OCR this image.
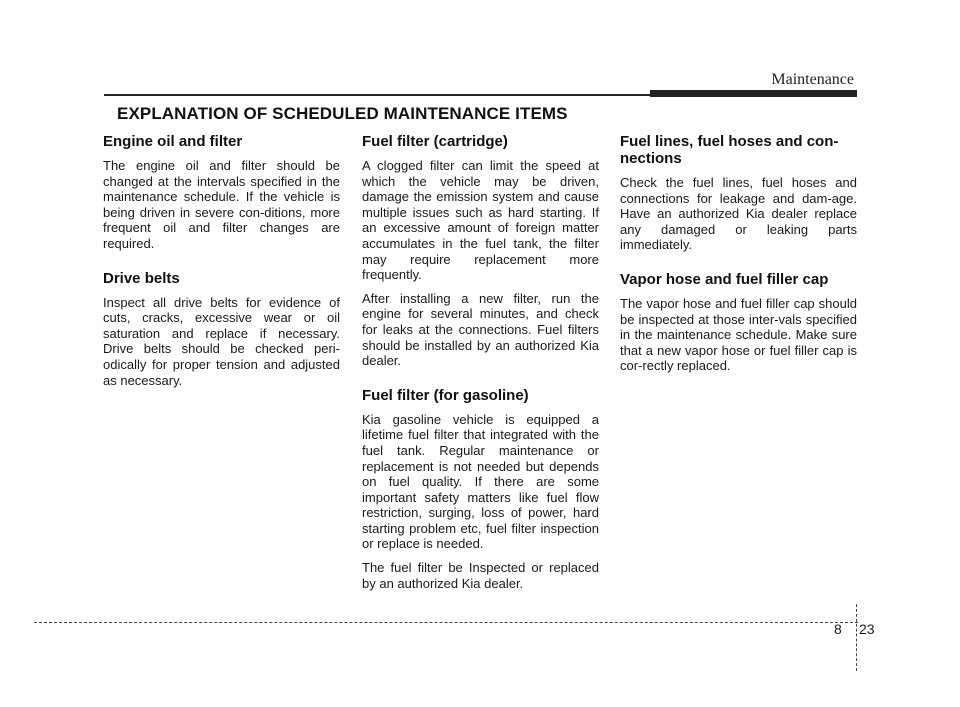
Maintenance
EXPLANATION OF SCHEDULED MAINTENANCE ITEMS
Engine oil and filter

The engine oil and filter should be changed at the intervals specified in the maintenance schedule. If the vehicle is being driven in severe con-ditions, more frequent oil and filter changes are required.

Drive belts

Inspect all drive belts for evidence of cuts, cracks, excessive wear or oil saturation and replace if necessary. Drive belts should be checked peri-odically for proper tension and adjusted as necessary.

Fuel filter (cartridge)

A clogged filter can limit the speed at which the vehicle may be driven, damage the emission system and cause multiple issues such as hard starting. If an excessive amount of foreign matter accumulates in the fuel tank, the filter may require replacement more frequently.

After installing a new filter, run the engine for several minutes, and check for leaks at the connections. Fuel filters should be installed by an authorized Kia dealer.

Fuel filter (for gasoline)

Kia gasoline vehicle is equipped a lifetime fuel filter that integrated with the fuel tank. Regular maintenance or replacement is not needed but depends on fuel quality. If there are some important safety matters like fuel flow restriction, surging, loss of power, hard starting problem etc, fuel filter inspection or replace is needed.

The fuel filter be Inspected or replaced by an authorized Kia dealer.

Fuel lines, fuel hoses and con-nections

Check the fuel lines, fuel hoses and connections for leakage and dam-age. Have an authorized Kia dealer replace any damaged or leaking parts immediately.

Vapor hose and fuel filler cap

The vapor hose and fuel filler cap should be inspected at those inter-vals specified in the maintenance schedule. Make sure that a new vapor hose or fuel filler cap is cor-rectly replaced.

8 23
